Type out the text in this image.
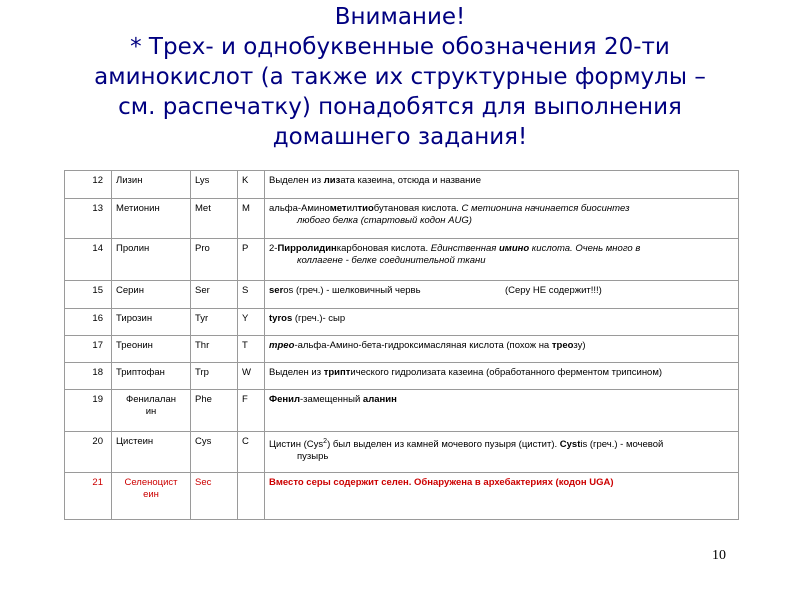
Внимание!
* Трех- и однобуквенные обозначения 20-ти
аминокислот (а также их структурные формулы –
см. распечатку) понадобятся для выполнения
домашнего задания!
12	Лизин	Lys	K	Выделен из лизата казеина, отсюда и название
13	Метионин	Met	M	альфа-Аминометилтиобутановая кислота. С метионина начинается биосинтез
любого белка (стартовый кодон AUG)

14	Пролин	Pro	P	2-Пирролидинкарбоновая кислота. Единственная имино кислота. Очень много в
коллагене - белке соединительной ткани

15	Серин	Ser	S	seros (греч.) - шелковичный червь                                (Серу НЕ содержит!!!)
16	Тирозин	Tyr	Y	tyros (греч.)- сыр
17	Треонин	Thr	T	трео-альфа-Амино-бета-гидроксимасляная кислота (похож на треозу)
18	Триптофан	Trp	W	Выделен из триптического гидролизата казеина (обработанного ферментом трипсином)
19	Фенилалан
ин	Phe	F	Фенил-замещенный аланин
20	Цистеин	Cys	C	Цистин (Cys$^2$) был выделен из камней мочевого пузыря (цистит). Cystis (греч.) - мочевой
пузырь

21	Селеноцист
еин	Sec		Вместо серы содержит селен. Обнаружена в архебактериях (кодон UGA)
10
